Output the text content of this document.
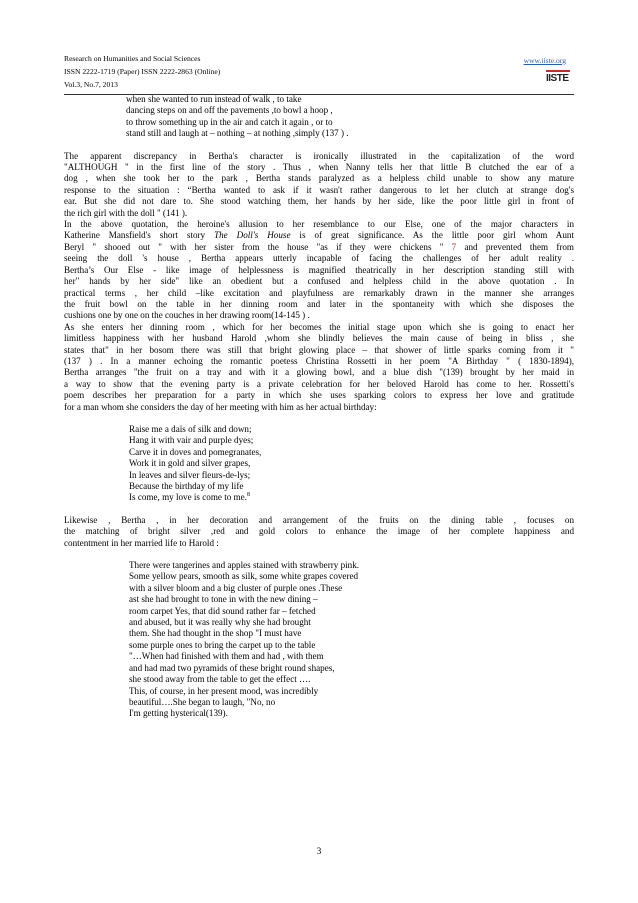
Research on Humanities and Social Sciences	www.iiste.org
ISSN 2222-1719 (Paper) ISSN 2222-2863 (Online)
Vol.3, No.7, 2013
IISTE
when she wanted to run instead of walk , to take
dancing steps on and off the pavements ,to bowl a hoop ,
to throw something up in the air and catch it again , or to
stand still and laugh at – nothing – at nothing ,simply (137 ) .
The apparent discrepancy in Bertha's character is ironically illustrated in the capitalization of the word
"ALTHOUGH " in the first line of the story . Thus , when Nanny tells her that little B clutched the ear of a
dog , when she took her to the park , Bertha stands paralyzed as a helpless child unable to show any mature
response to the situation : “Bertha wanted to ask if it wasn't rather dangerous to let her clutch at strange dog's
ear. But she did not dare to. She stood watching them, her hands by her side, like the poor little girl in front of
the rich girl with the doll " (141 ).
In the above quotation, the heroine's allusion to her resemblance to our Else, one of the major characters in
Katherine Mansfield's short story The Doll's House is of great significance. As the little poor girl whom Aunt
Beryl " shooed out " with her sister from the house "as if they were chickens " 7 and prevented them from
seeing the doll 's house , Bertha appears utterly incapable of facing the challenges of her adult reality .
Bertha’s Our Else - like image of helplessness is magnified theatrically in her description standing still with
her" hands by her side" like an obedient but a confused and helpless child in the above quotation . In
practical terms , her child –like excitation and playfulness are remarkably drawn in the manner she arranges
the fruit bowl on the table in her dinning room and later in the spontaneity with which she disposes the
cushions one by one on the couches in her drawing room(14-145 ) .
As she enters her dinning room , which for her becomes the initial stage upon which she is going to enact her
limitless happiness with her husband Harold ,whom she blindly believes the main cause of being in bliss , she
states that" in her bosom there was still that bright glowing place – that shower of little sparks coming from it "
(137 ) . In a manner echoing the romantic poetess Christina Rossetti in her poem "A Birthday " ( 1830-1894),
Bertha arranges "the fruit on a tray and with it a glowing bowl, and a blue dish "(139) brought by her maid in
a way to show that the evening party is a private celebration for her beloved Harold has come to her. Rossetti's
poem describes her preparation for a party in which she uses sparking colors to express her love and gratitude
for a man whom she considers the day of her meeting with him as her actual birthday:
Raise me a daïs of silk and down;
Hang it with vair and purple dyes;
Carve it in doves and pomegranates,
Work it in gold and silver grapes,
In leaves and silver fleurs-de-lys;
Because the birthday of my life
Is come, my love is come to me.$^8$
Likewise , Bertha , in her decoration and arrangement of the fruits on the dining table , focuses on
the matching of bright silver ,red and gold colors to enhance the image of her complete happiness and
contentment in her married life to Harold :
There were tangerines and apples stained with strawberry pink.
Some yellow pears, smooth as silk, some white grapes covered
with a silver bloom and a big cluster of purple ones .These
ast she had brought to tone in with the new dining –
room carpet Yes, that did sound rather far – fetched
and abused, but it was really why she had brought
them. She had thought in the shop "I must have
some purple ones to bring the carpet up to the table
"…When had finished with them and had , with them
and had mad two pyramids of these bright round shapes,
she stood away from the table to get the effect ….
This, of course, in her present mood, was incredibly
beautiful….She began to laugh, "No, no
I'm getting hysterical(139).
3
